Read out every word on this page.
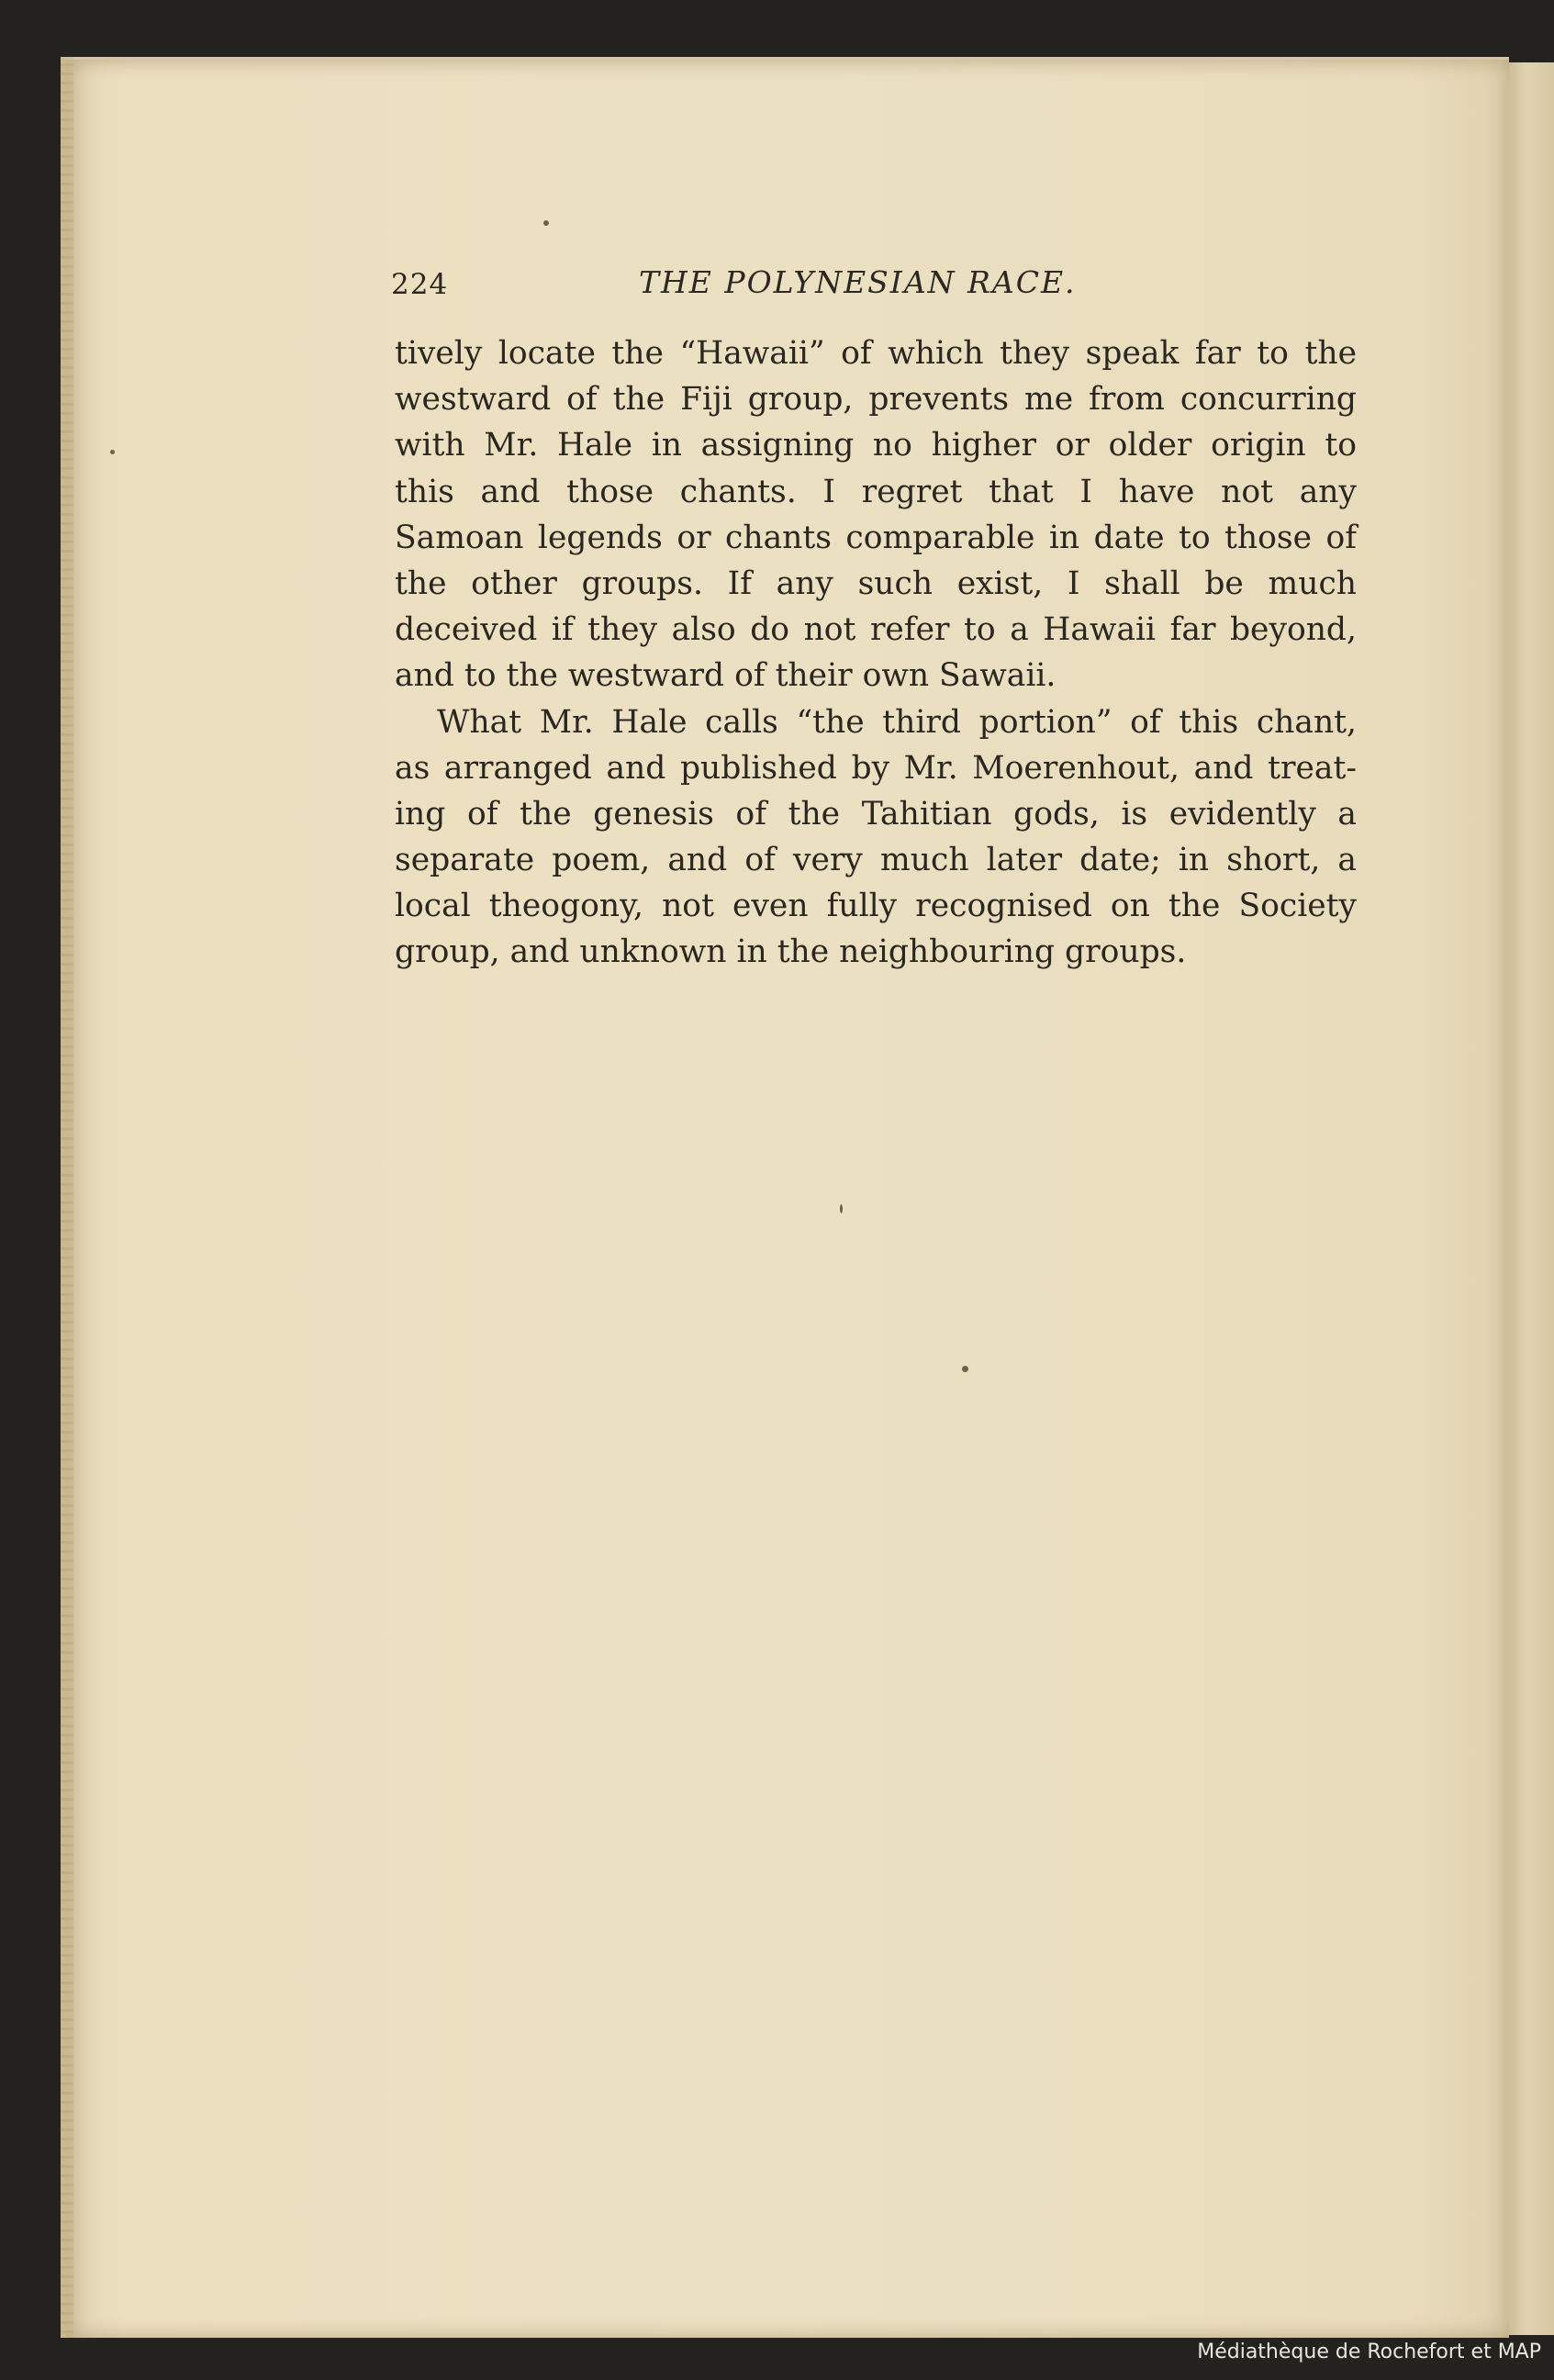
224	THE POLYNESIAN RACE.
tively locate the “Hawaii” of which they speak far to the
westward of the Fiji group, prevents me from concurring
with Mr. Hale in assigning no higher or older origin to
this and those chants. I regret that I have not any
Samoan legends or chants comparable in date to those of
the other groups. If any such exist, I shall be much
deceived if they also do not refer to a Hawaii far beyond,
and to the westward of their own Sawaii.
What Mr. Hale calls “the third portion” of this chant,
as arranged and published by Mr. Moerenhout, and treat-
ing of the genesis of the Tahitian gods, is evidently a
separate poem, and of very much later date; in short, a
local theogony, not even fully recognised on the Society
group, and unknown in the neighbouring groups.
Médiathèque de Rochefort et MAP
